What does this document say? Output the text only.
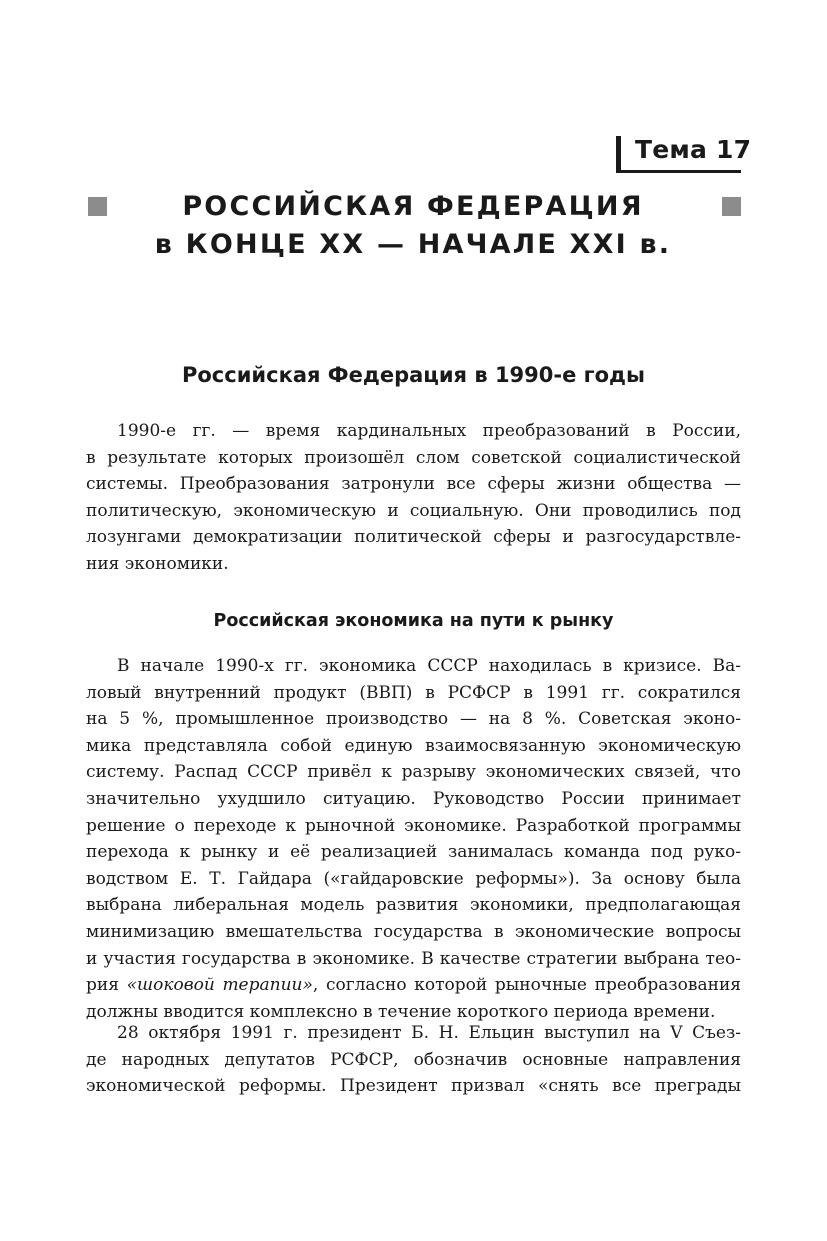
Тема 17
РОССИЙСКАЯ ФЕДЕРАЦИЯ
в КОНЦЕ XX — НАЧАЛЕ XXI в.
Российская Федерация в 1990-е годы
1990-е гг. — время кардинальных преобразований в России,
в результате которых произошёл слом советской социалистической
системы. Преобразования затронули все сферы жизни общества —
политическую, экономическую и социальную. Они проводились под
лозунгами демократизации политической сферы и разгосударствле-
ния экономики.
Российская экономика на пути к рынку
В начале 1990-х гг. экономика СССР находилась в кризисе. Ва-
ловый внутренний продукт (ВВП) в РСФСР в 1991 гг. сократился
на 5 %, промышленное производство — на 8 %. Советская эконо-
мика представляла собой единую взаимосвязанную экономическую
систему. Распад СССР привёл к разрыву экономических связей, что
значительно ухудшило ситуацию. Руководство России принимает
решение о переходе к рыночной экономике. Разработкой программы
перехода к рынку и её реализацией занималась команда под руко-
водством Е. Т. Гайдара («гайдаровские реформы»). За основу была
выбрана либеральная модель развития экономики, предполагающая
минимизацию вмешательства государства в экономические вопросы
и участия государства в экономике. В качестве стратегии выбрана тео-
рия «шоковой терапии», согласно которой рыночные преобразования
должны вводится комплексно в течение короткого периода времени.
28 октября 1991 г. президент Б. Н. Ельцин выступил на V Съез-
де народных депутатов РСФСР, обозначив основные направления
экономической реформы. Президент призвал «снять все преграды
